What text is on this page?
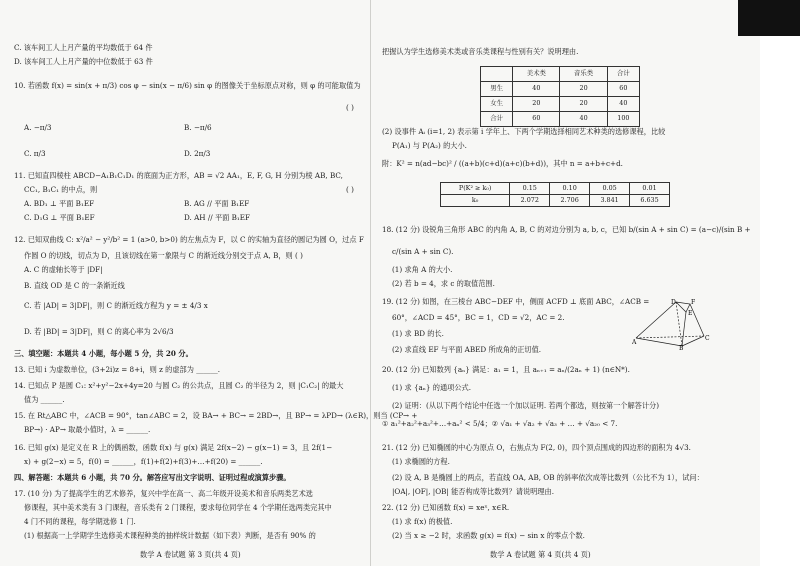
C. 该车间工人上月产量的平均数低于 64 件
D. 该车间工人上月产量的中位数低于 63 件
10. 若函数 f(x) = sin(x + π/3) cos φ − sin(x − π/6) sin φ 的图像关于坐标原点对称，则 φ 的可能取值为
( )
A. −π/3	B. −π/6
C. π/3	D. 2π/3
11. 已知直四棱柱 ABCD−A₁B₁C₁D₁ 的底面为正方形，AB = √2 AA₁，E, F, G, H 分别为棱 AB, BC,
CC₁, B₁C₁ 的中点，则	( )
A. BD₁ ⊥ 平面 B₁EF	B. AG // 平面 B₁EF
C. D₁G ⊥ 平面 B₁EF	D. AH // 平面 B₁EF
12. 已知双曲线 C: x²/a² − y²/b² = 1 (a>0, b>0) 的左焦点为 F，以 C 的实轴为直径的圆记为圆 O，过点 F
作圆 O 的切线，切点为 D，且该切线在第一象限与 C 的渐近线分别交于点 A, B，则 ( )
A. C 的虚轴长等于 |DF|
B. 直线 OD 是 C 的一条渐近线
C. 若 |AD| = 3|DF|，则 C 的渐近线方程为 y = ± 4/3 x
D. 若 |BD| = 3|DF|，则 C 的离心率为 2√6/3
三、填空题：本题共 4 小题，每小题 5 分，共 20 分。
13. 已知 i 为虚数单位，(3+2i)z = 8+i，则 z 的虚部为 ______.
14. 已知点 P 是圆 C₁: x²+y²−2x+4y=20 与圆 C₂ 的公共点，且圆 C₂ 的半径为 2，则 |C₁C₂| 的最大
值为 ______.
15. 在 Rt△ABC 中，∠ACB = 90°，tan∠ABC = 2，设 BA→ + BC→ = 2BD→，且 BP→ = λPD→ (λ∈R)，则当 (CP→ +
BP→) · AP→ 取最小值时，λ = ______.
16. 已知 g(x) 是定义在 R 上的偶函数，函数 f(x) 与 g(x) 满足 2f(x−2) − g(x−1) = 3，且 2f(1−
x) + g(2−x) = 5，f(0) = ______，f(1)+f(2)+f(3)+…+f(20) = ______.
四、解答题：本题共 6 小题，共 70 分。解答应写出文字说明、证明过程或演算步骤。
17. (10 分) 为了提高学生的艺术修养，复兴中学在高一、高二年级开设美术和音乐两类艺术选
修课程，其中美术类有 3 门课程，音乐类有 2 门课程，要求每位同学在 4 个学期任选两类完其中
4 门不同的课程，每学期选修 1 门.
(1) 根据高一上学期学生选修美术课程种类的抽样统计数据（如下表）判断，是否有 90% 的
数学 A 卷试题 第 3 页(共 4 页)
把握认为学生选修美术类或音乐类课程与性别有关？说明理由.
	美术类	音乐类	合计
男生	40	20	60
女生	20	20	40
合计	60	40	100
(2) 设事件 Aᵢ (i=1, 2) 表示第 i 学年上、下两个学期选择相同艺术种类的选修课程，比较
P(A₁) 与 P(A₂) 的大小.
附：K² = n(ad−bc)² / ((a+b)(c+d)(a+c)(b+d))，其中 n = a+b+c+d.
P(K² ≥ k₀)	0.15	0.10	0.05	0.01
k₀	2.072	2.706	3.841	6.635
18. (12 分) 设锐角三角形 ABC 的内角 A, B, C 的对边分别为 a, b, c，已知 b/(sin A + sin C) = (a−c)/(sin B +
c/(sin A + sin C).
(1) 求角 A 的大小.
(2) 若 b = 4，求 c 的取值范围.
19. (12 分) 如图，在三棱台 ABC−DEF 中，侧面 ACFD ⊥ 底面 ABC，∠ACB =
60°，∠ACD = 45°，BC = 1，CD = √2，AC = 2.
(1) 求 BD 的长.
(2) 求直线 EF 与平面 ABED 所成角的正切值.
D	F
E
A
C
B
20. (12 分) 已知数列 {aₙ} 满足：a₁ = 1，且 aₙ₊₁ = aₙ/(2aₙ + 1) (n∈N*).
(1) 求 {aₙ} 的通项公式.
(2) 证明：(从以下两个结论中任选一个加以证明. 若两个都选，则按第一个解答计分)
① a₁²+a₂²+a₃²+…+aₙ² < 5/4；② √a₁ + √a₂ + √a₃ + … + √a₂₀ < 7.
21. (12 分) 已知椭圆的中心为原点 O，右焦点为 F(2, 0)，四个顶点围成的四边形的面积为 4√3.
(1) 求椭圆的方程.
(2) 设 A, B 是椭圆上的两点，若直线 OA, AB, OB 的斜率依次成等比数列（公比不为 1），试问：
|OA|, |OF|, |OB| 能否构成等比数列？请说明理由.
22. (12 分) 已知函数 f(x) = xeˣ, x∈R.
(1) 求 f(x) 的极值.
(2) 当 x ≥ −2 时，求函数 g(x) = f(x) − sin x 的零点个数.
数学 A 卷试题 第 4 页(共 4 页)
